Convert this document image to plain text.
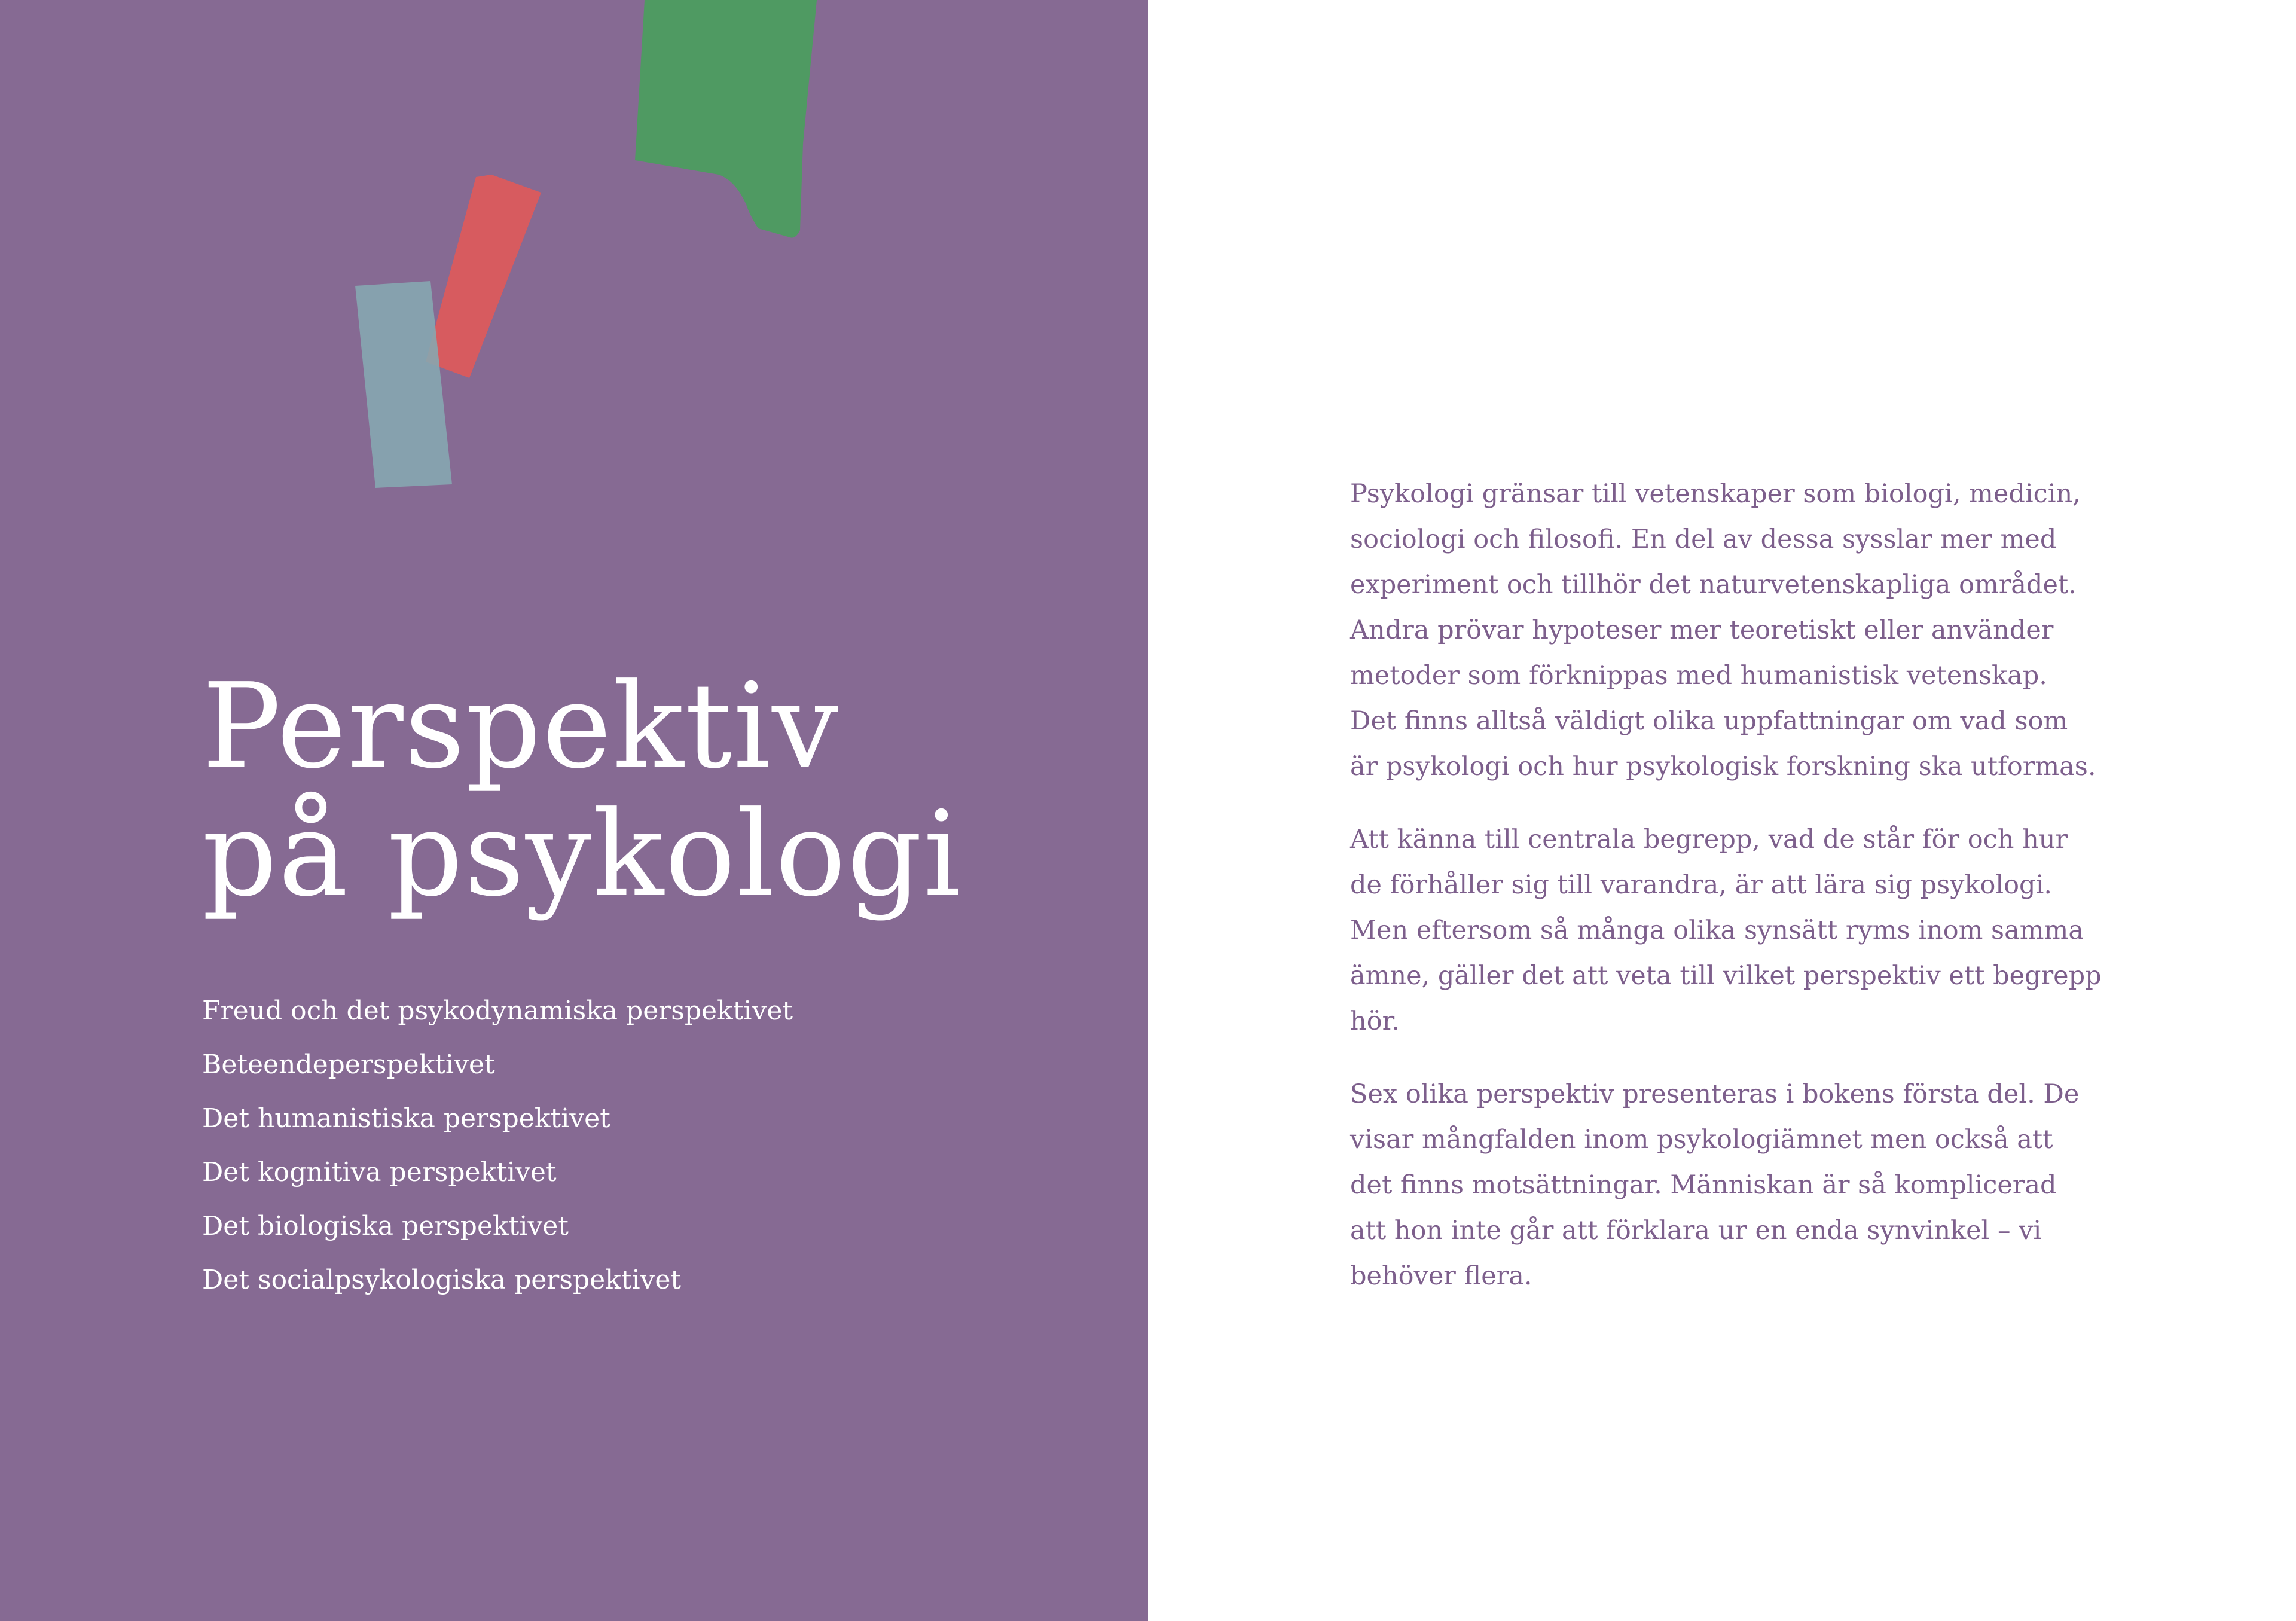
Perspektiv
på psykologi
Freud och det psykodynamiska perspektivet
Beteendeperspektivet
Det humanistiska perspektivet
Det kognitiva perspektivet
Det biologiska perspektivet
Det socialpsykologiska perspektivet

Psykologi gränsar till vetenskaper som biologi, medicin,
sociologi och filosofi. En del av dessa sysslar mer med
experiment och tillhör det naturvetenskapliga området.
Andra prövar hypoteser mer teoretiskt eller använder
metoder som förknippas med humanistisk vetenskap.
Det finns alltså väldigt olika uppfattningar om vad som
är psykologi och hur psykologisk forskning ska utformas.

Att känna till centrala begrepp, vad de står för och hur
de förhåller sig till varandra, är att lära sig psykologi.
Men eftersom så många olika synsätt ryms inom samma
ämne, gäller det att veta till vilket perspektiv ett begrepp
hör.

Sex olika perspektiv presenteras i bokens första del. De
visar mångfalden inom psykologiämnet men också att
det finns motsättningar. Människan är så komplicerad
att hon inte går att förklara ur en enda synvinkel – vi
behöver flera.
